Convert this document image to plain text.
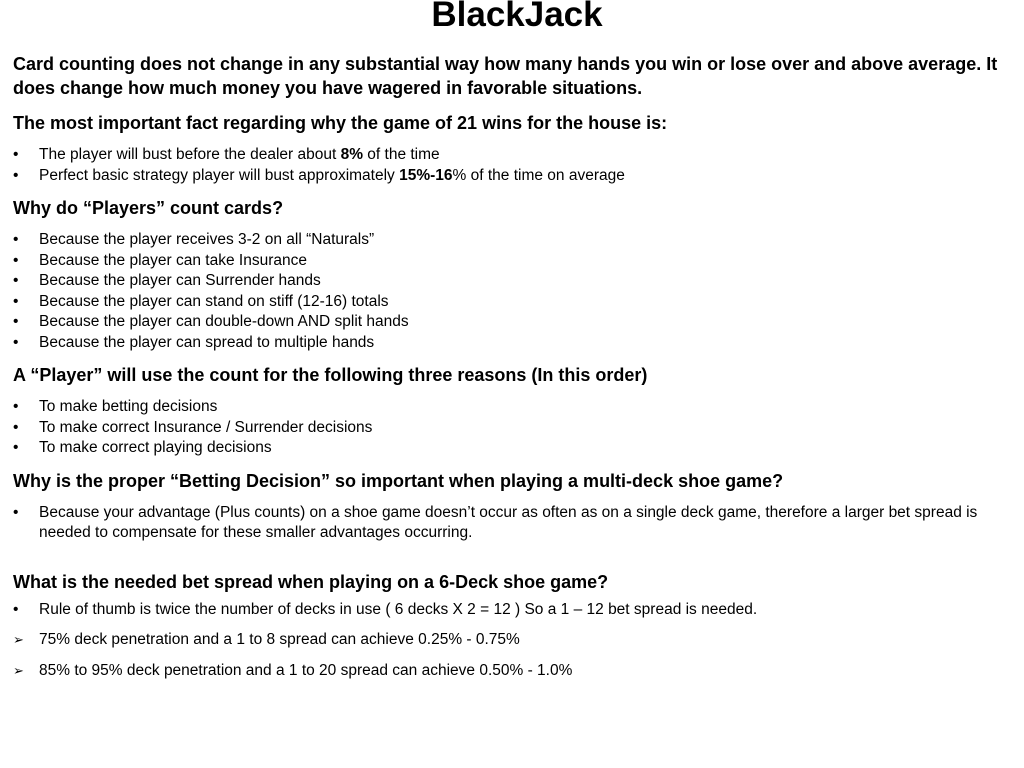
BlackJack

Card counting does not change in any substantial way how many hands you win or lose over and above average. It does change how much money you have wagered in favorable situations.

The most important fact regarding why the game of 21 wins for the house is:

•	The player will bust before the dealer about 8% of the time
•	Perfect basic strategy player will bust approximately 15%-16% of the time on average

Why do “Players” count cards?

•	Because the player receives 3-2 on all “Naturals”
•	Because the player can take Insurance
•	Because the player can Surrender hands
•	Because the player can stand on stiff (12-16) totals
•	Because the player can double-down AND split hands
•	Because the player can spread to multiple hands

A “Player” will use the count for the following three reasons (In this order)

•	To make betting decisions
•	To make correct Insurance / Surrender decisions
•	To make correct playing decisions

Why is the proper “Betting Decision” so important when playing a multi-deck shoe game?

•	Because your advantage (Plus counts) on a shoe game doesn’t occur as often as on a single deck game, therefore a larger bet spread is needed to compensate for these smaller advantages occurring.

What is the needed bet spread when playing on a 6-Deck shoe game?

•	Rule of thumb is twice the number of decks in use ( 6 decks X 2 = 12 ) So a 1 – 12 bet spread is needed.
➢ 75% deck penetration and a 1 to 8 spread can achieve 0.25% - 0.75%
➢ 85% to 95% deck penetration and a 1 to 20 spread can achieve 0.50% - 1.0%
